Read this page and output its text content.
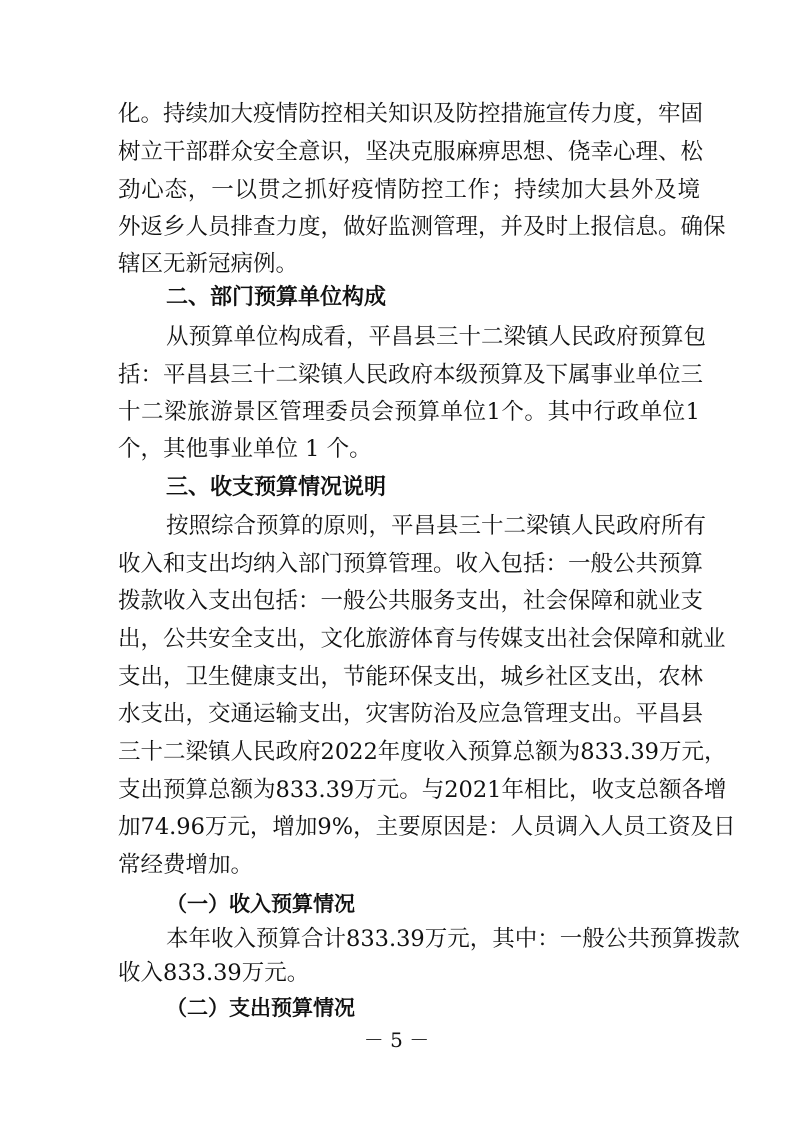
化。持续加大疫情防控相关知识及防控措施宣传力度，牢固
树立干部群众安全意识，坚决克服麻痹思想、侥幸心理、松
劲心态，一以贯之抓好疫情防控工作；持续加大县外及境
外返乡人员排查力度，做好监测管理，并及时上报信息。确保
辖区无新冠病例。
二、部门预算单位构成
从预算单位构成看，平昌县三十二梁镇人民政府预算包
括：平昌县三十二梁镇人民政府本级预算及下属事业单位三
十二梁旅游景区管理委员会预算单位1个。其中行政单位1
个，其他事业单位 1 个。
三、收支预算情况说明
按照综合预算的原则，平昌县三十二梁镇人民政府所有
收入和支出均纳入部门预算管理。收入包括：一般公共预算
拨款收入支出包括：一般公共服务支出，社会保障和就业支
出，公共安全支出，文化旅游体育与传媒支出社会保障和就业
支出，卫生健康支出，节能环保支出，城乡社区支出，农林
水支出，交通运输支出，灾害防治及应急管理支出。平昌县
三十二梁镇人民政府2022年度收入预算总额为833.39万元，
支出预算总额为833.39万元。与2021年相比，收支总额各增
加74.96万元，增加9%，主要原因是：人员调入人员工资及日
常经费增加。
（一）收入预算情况
本年收入预算合计833.39万元，其中：一般公共预算拨款
收入833.39万元。
（二）支出预算情况
－ 5 －
